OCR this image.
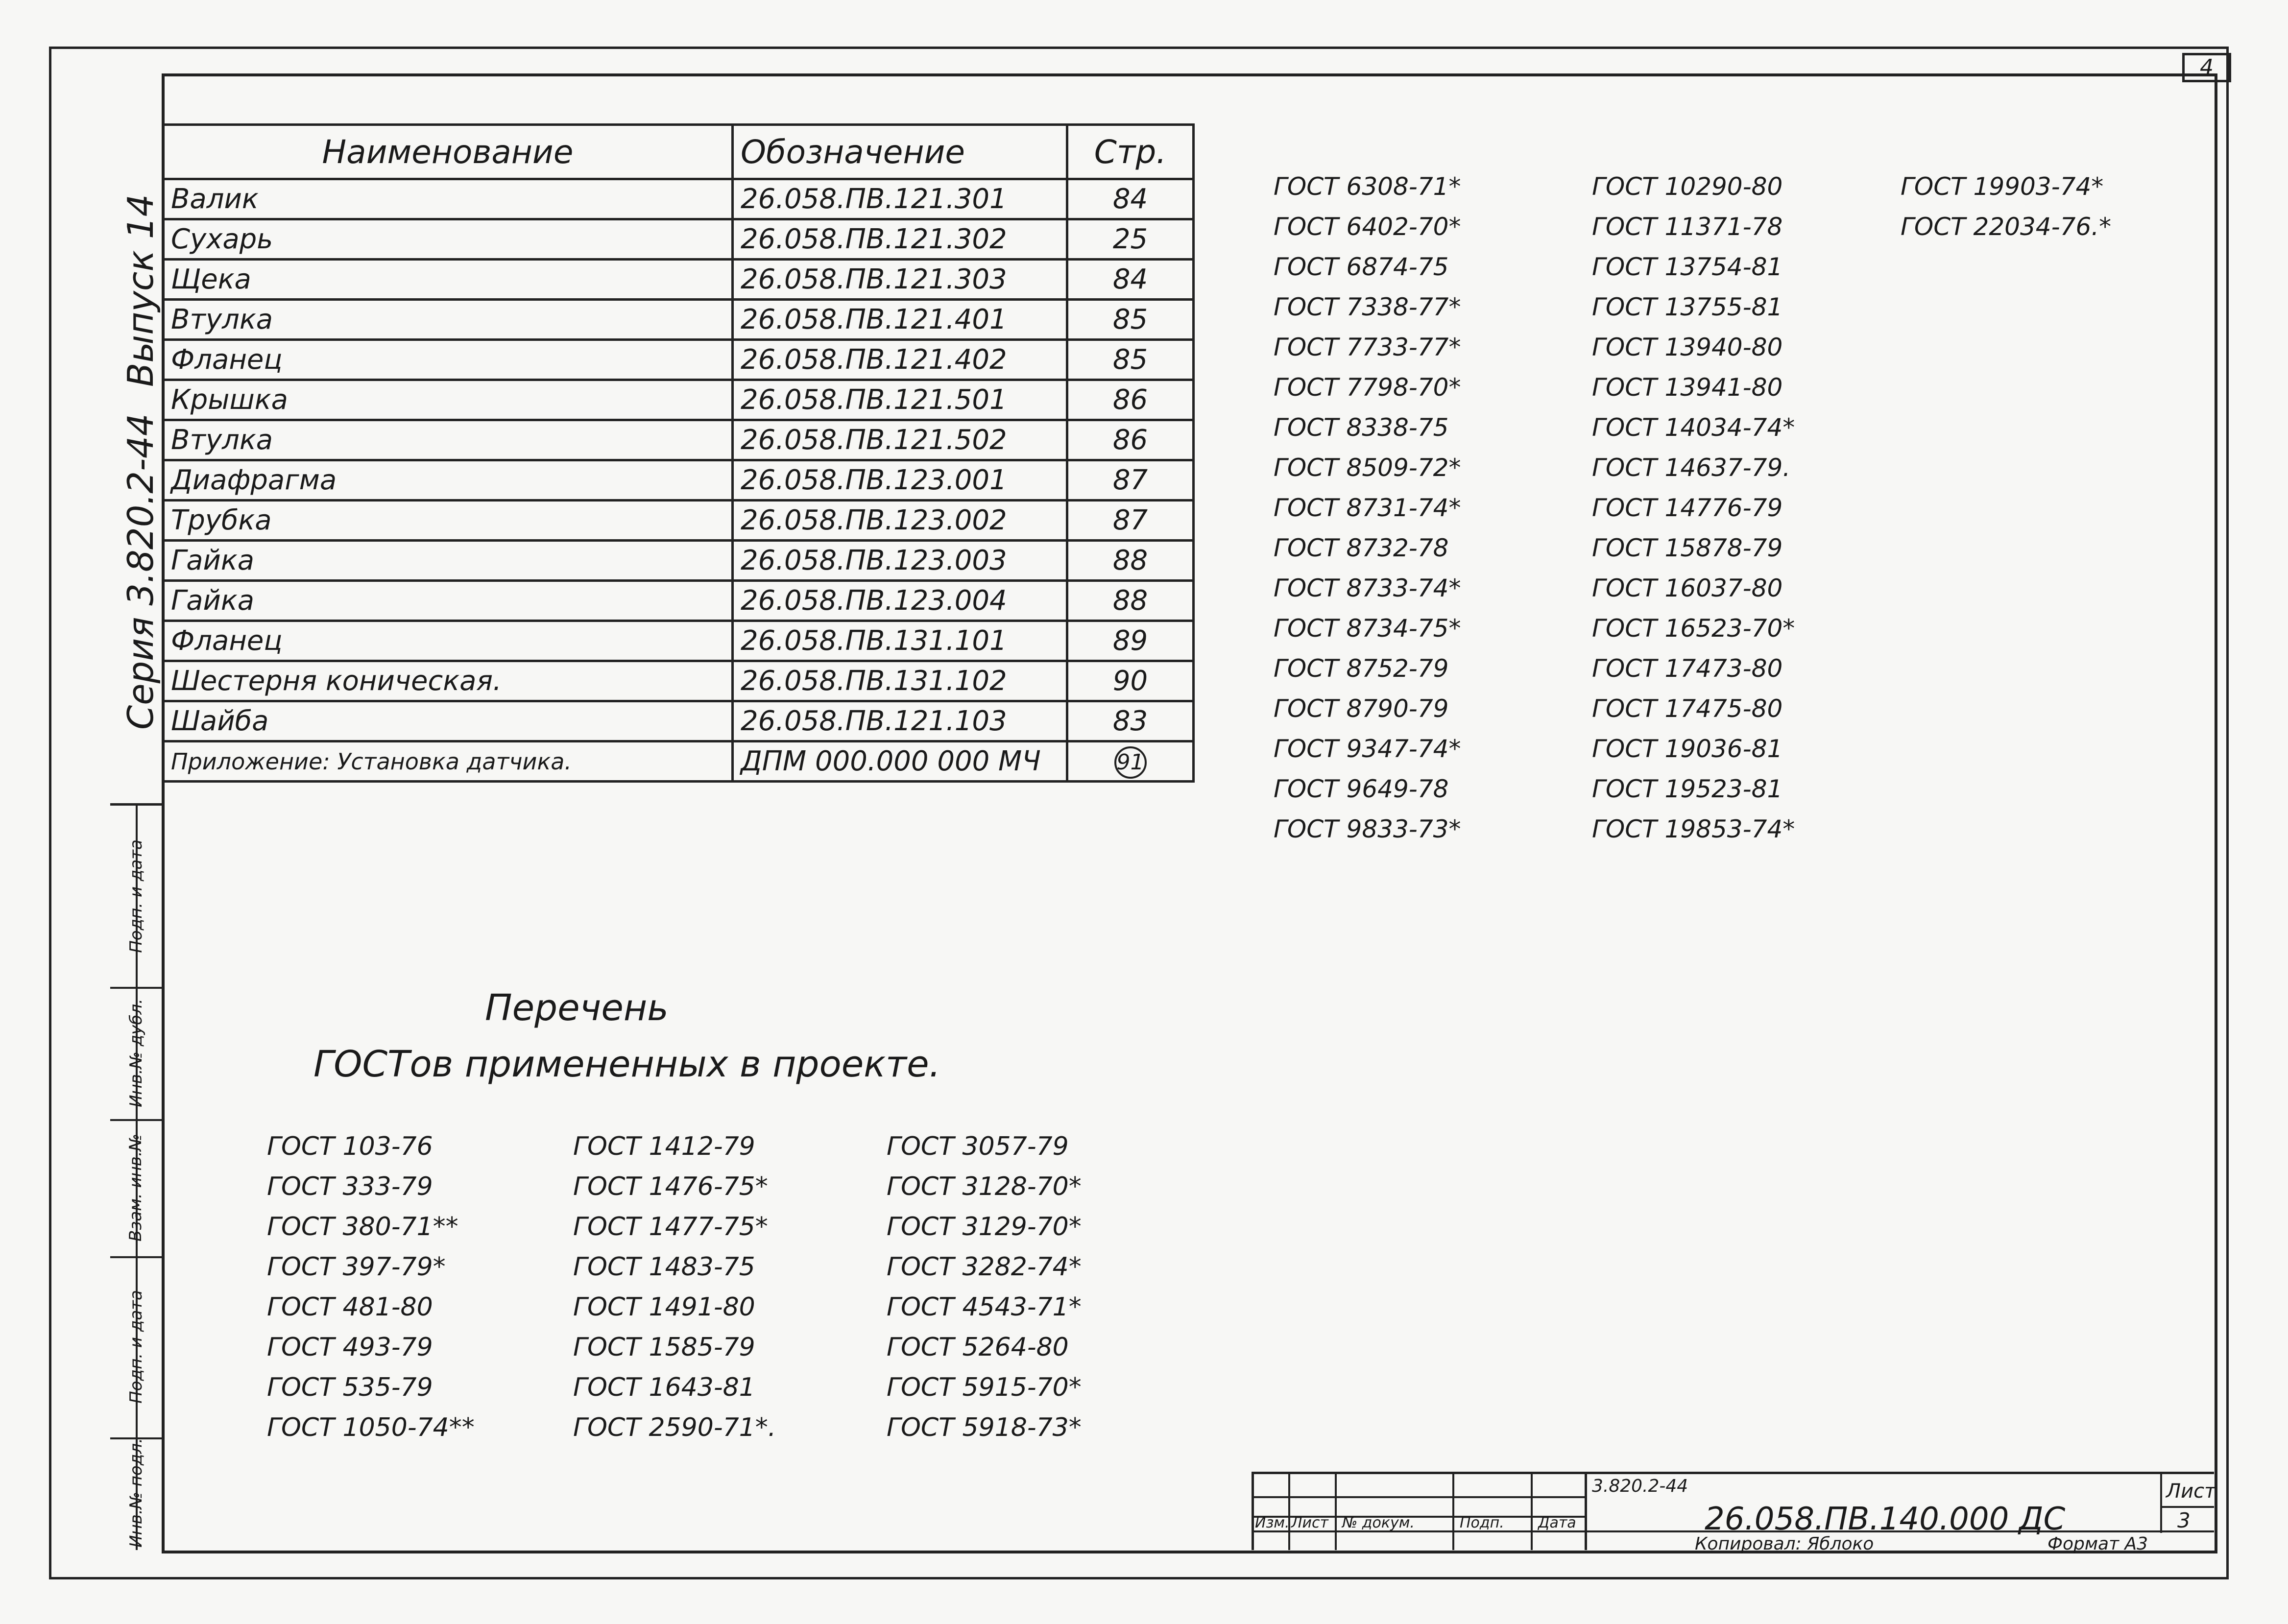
4
Серия 3.820.2-44
Выпуск 14
Подп. и дата
Инв.№ дубл.
Взам. инв.№
Подп. и дата
Инв.№ подл.
Наименование	Обозначение	Стр.
Валик	26.058.ПВ.121.301	84
Сухарь	26.058.ПВ.121.302	25
Щека	26.058.ПВ.121.303	84
Втулка	26.058.ПВ.121.401	85
Фланец	26.058.ПВ.121.402	85
Крышка	26.058.ПВ.121.501	86
Втулка	26.058.ПВ.121.502	86
Диафрагма	26.058.ПВ.123.001	87
Трубка	26.058.ПВ.123.002	87
Гайка	26.058.ПВ.123.003	88
Гайка	26.058.ПВ.123.004	88
Фланец	26.058.ПВ.131.101	89
Шестерня коническая.	26.058.ПВ.131.102	90
Шайба	26.058.ПВ.121.103	83
Приложение: Установка датчика.	ДПМ 000.000 000 МЧ	91
ГОСТ 6308-71*
ГОСТ 6402-70*
ГОСТ 6874-75
ГОСТ 7338-77*
ГОСТ 7733-77*
ГОСТ 7798-70*
ГОСТ 8338-75
ГОСТ 8509-72*
ГОСТ 8731-74*
ГОСТ 8732-78
ГОСТ 8733-74*
ГОСТ 8734-75*
ГОСТ 8752-79
ГОСТ 8790-79
ГОСТ 9347-74*
ГОСТ 9649-78
ГОСТ 9833-73*
ГОСТ 10290-80
ГОСТ 11371-78
ГОСТ 13754-81
ГОСТ 13755-81
ГОСТ 13940-80
ГОСТ 13941-80
ГОСТ 14034-74*
ГОСТ 14637-79.
ГОСТ 14776-79
ГОСТ 15878-79
ГОСТ 16037-80
ГОСТ 16523-70*
ГОСТ 17473-80
ГОСТ 17475-80
ГОСТ 19036-81
ГОСТ 19523-81
ГОСТ 19853-74*
ГОСТ 19903-74*
ГОСТ 22034-76.*
Перечень
ГОСТов примененных в проекте.
ГОСТ 103-76
ГОСТ 333-79
ГОСТ 380-71**
ГОСТ 397-79*
ГОСТ 481-80
ГОСТ 493-79
ГОСТ 535-79
ГОСТ 1050-74**
ГОСТ 1412-79
ГОСТ 1476-75*
ГОСТ 1477-75*
ГОСТ 1483-75
ГОСТ 1491-80
ГОСТ 1585-79
ГОСТ 1643-81
ГОСТ 2590-71*.
ГОСТ 3057-79
ГОСТ 3128-70*
ГОСТ 3129-70*
ГОСТ 3282-74*
ГОСТ 4543-71*
ГОСТ 5264-80
ГОСТ 5915-70*
ГОСТ 5918-73*
Изм. Лист № докум.	Подп. Дата
3.820.2-44
26.058.ПВ.140.000 ДС
Лист
3
Копировал: Яблоко	Формат А3
